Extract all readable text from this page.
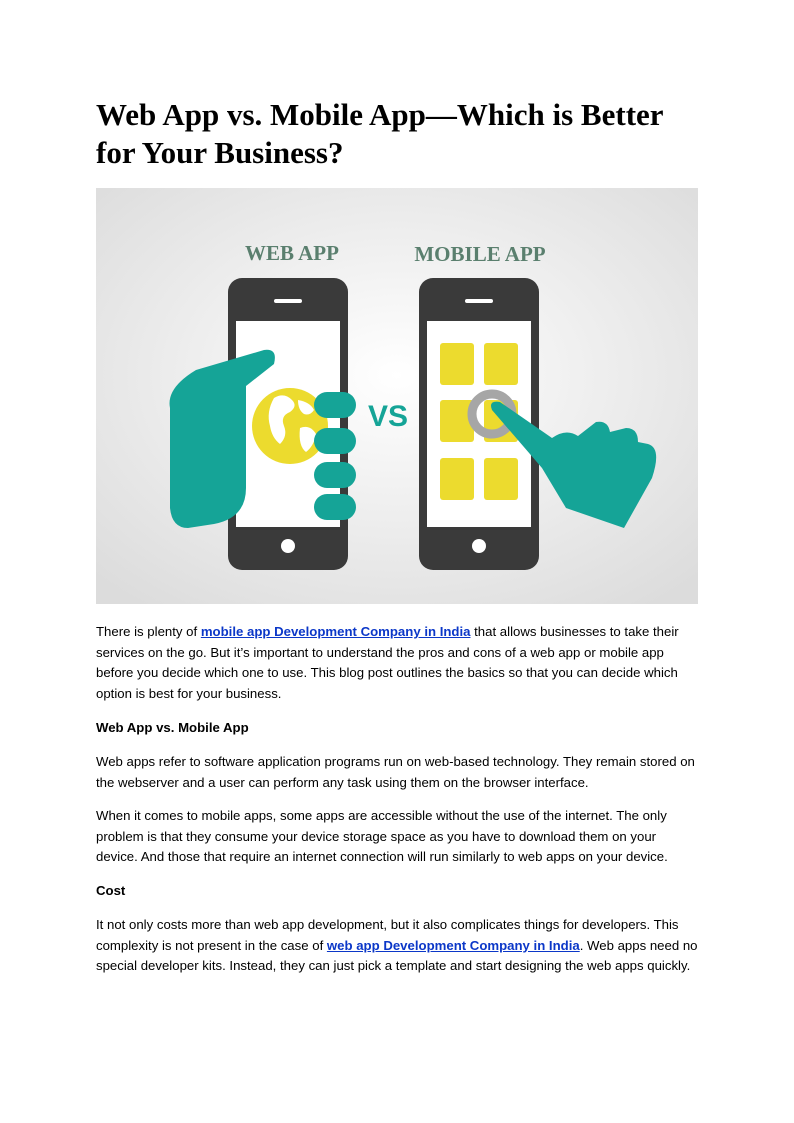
Web App vs. Mobile App—Which is Better
for Your Business?
WEB APP	MOBILE APP
VS

There is plenty of mobile app Development Company in India that allows businesses to take their services on the go. But it’s important to understand the pros and cons of a web app or mobile app before you decide which one to use. This blog post outlines the basics so that you can decide which option is best for your business.

Web App vs. Mobile App

Web apps refer to software application programs run on web-based technology. They remain stored on the webserver and a user can perform any task using them on the browser interface.

When it comes to mobile apps, some apps are accessible without the use of the internet. The only problem is that they consume your device storage space as you have to download them on your device. And those that require an internet connection will run similarly to web apps on your device.

Cost

It not only costs more than web app development, but it also complicates things for developers. This complexity is not present in the case of web app Development Company in India. Web apps need no special developer kits. Instead, they can just pick a template and start designing the web apps quickly.
